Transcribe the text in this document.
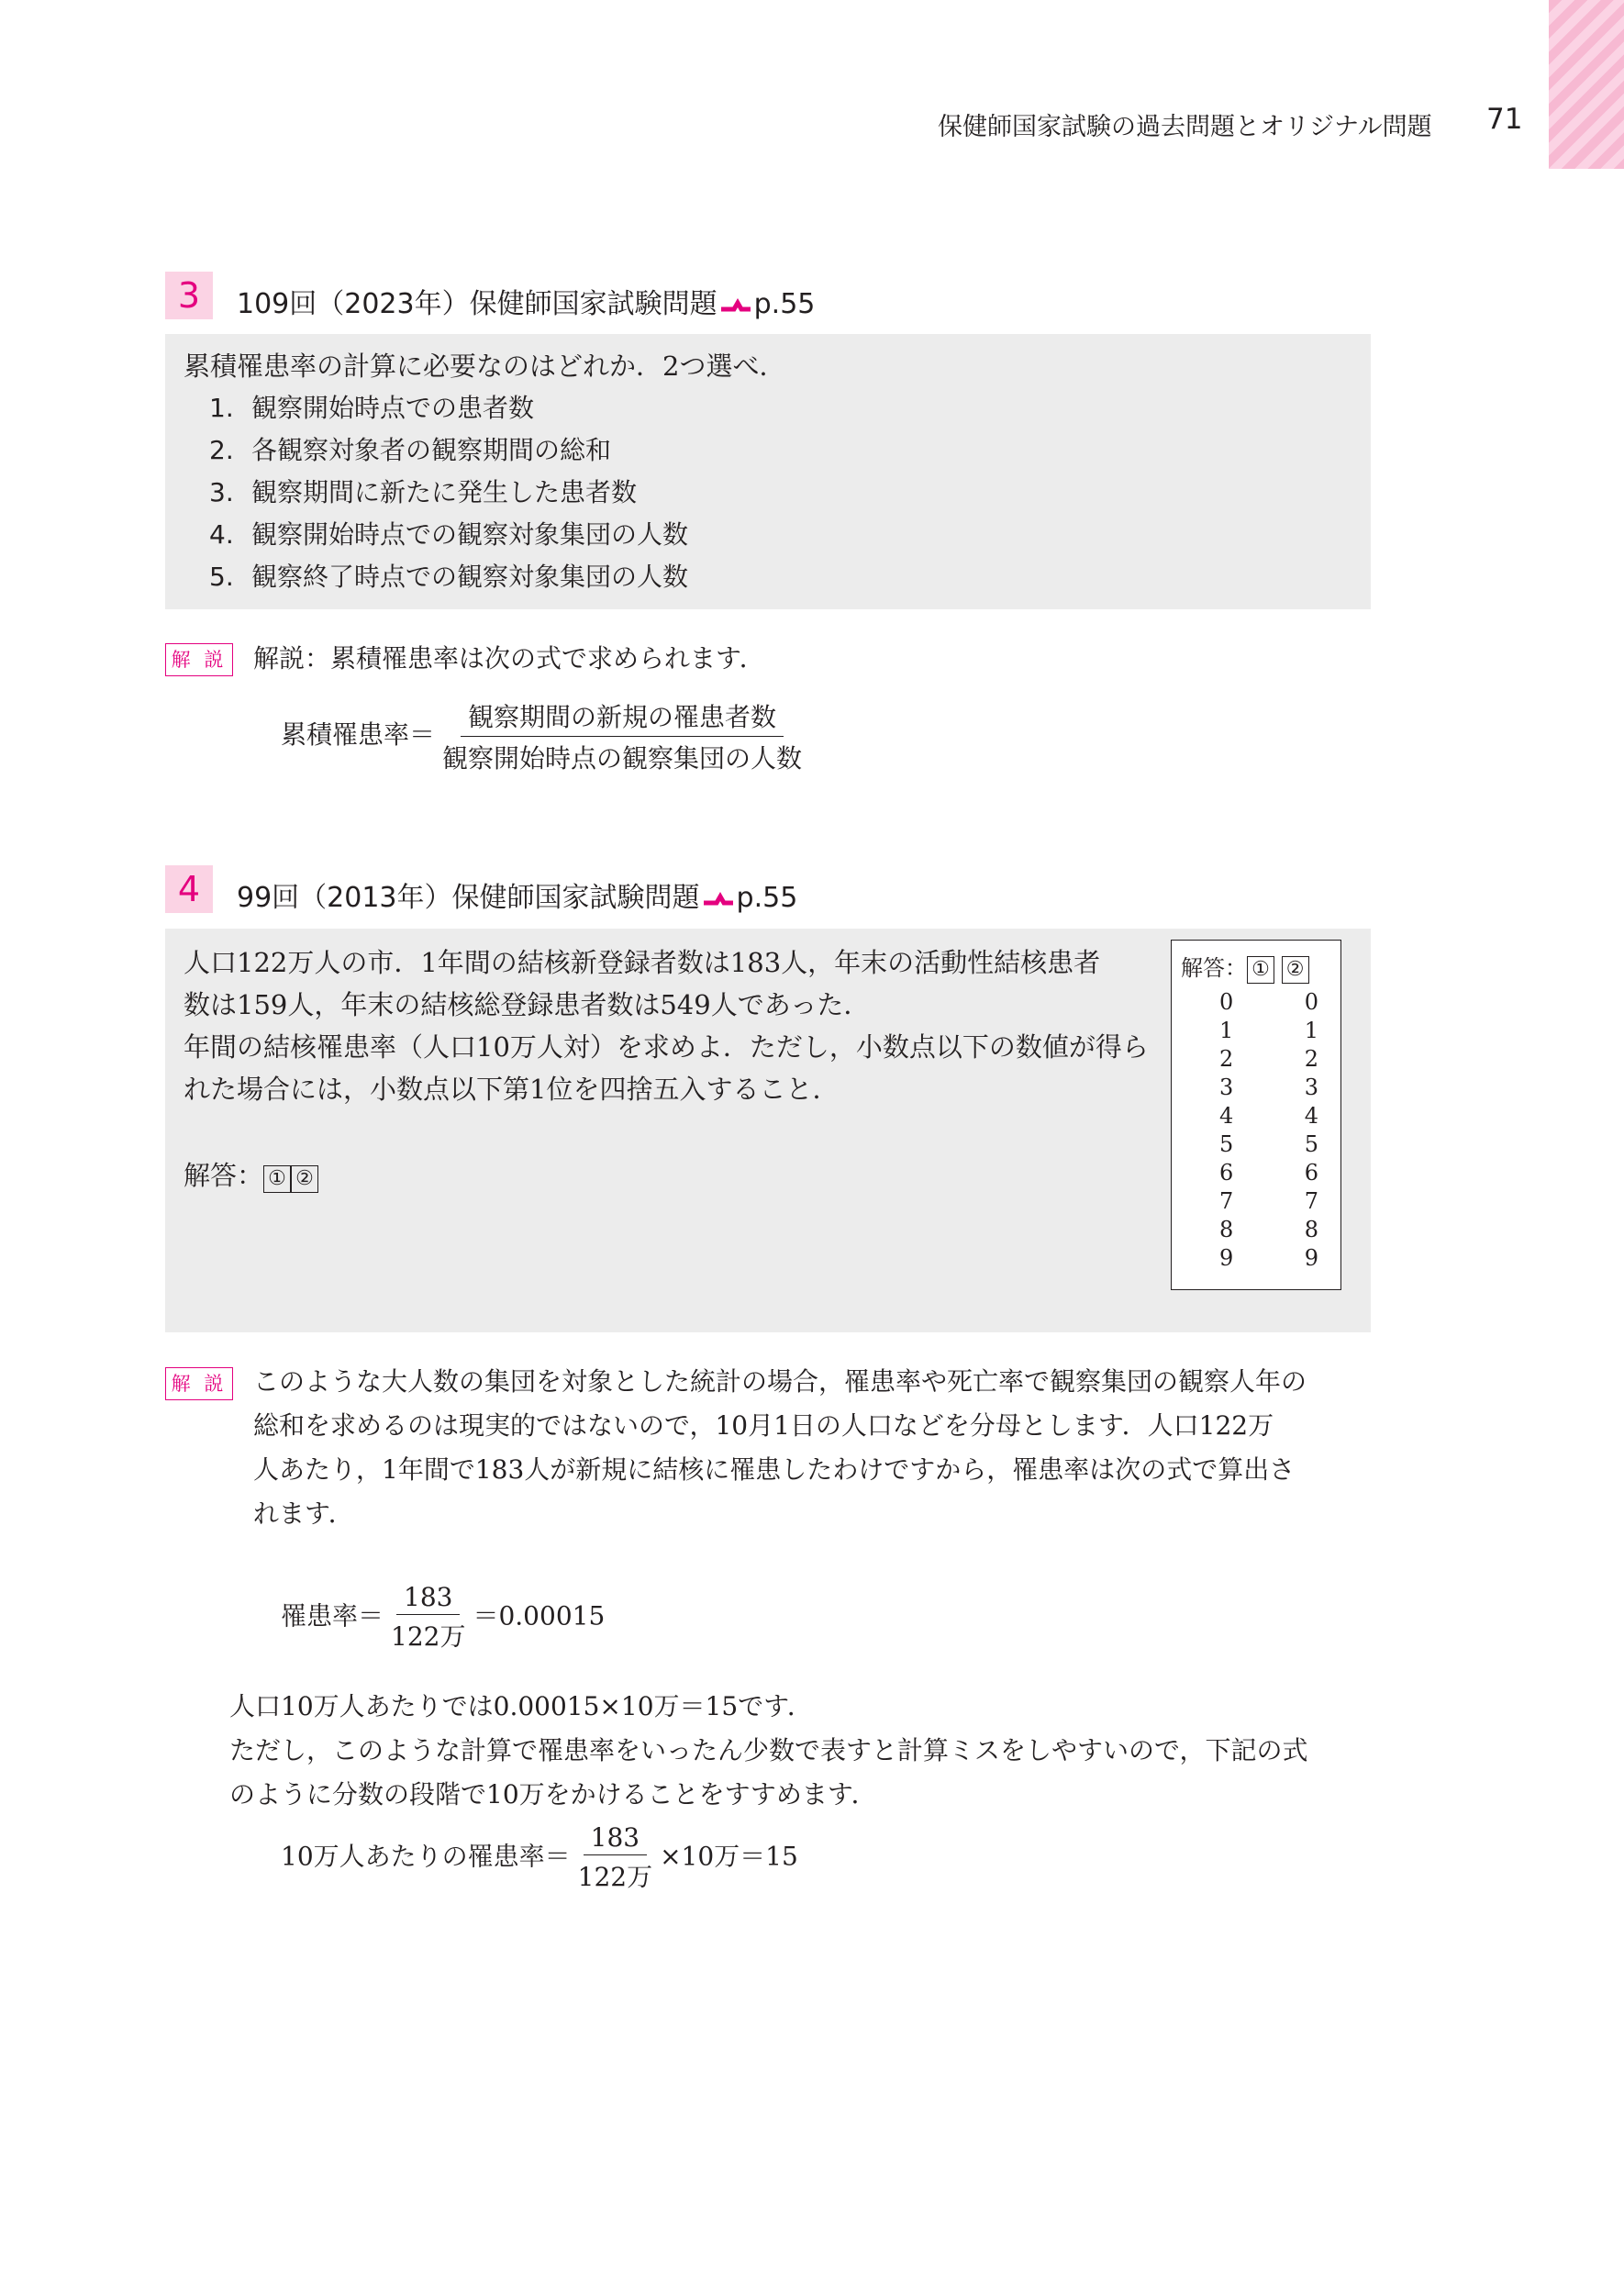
保健師国家試験の過去問題とオリジナル問題 71
3	109回（2023年）保健師国家試験問題 p.55
累積罹患率の計算に必要なのはどれか．2つ選べ．
1. 観察開始時点での患者数
2. 各観察対象者の観察期間の総和
3. 観察期間に新たに発生した患者数
4. 観察開始時点での観察対象集団の人数
5. 観察終了時点での観察対象集団の人数
解 説 解説：累積罹患率は次の式で求められます．
累積罹患率＝ $\frac{\text{観察期間の新規の罹患者数}}{\text{観察開始時点の観察集団の人数}}$
4	99回（2013年）保健師国家試験問題 p.55
人口122万人の市．1年間の結核新登録者数は183人，年末の活動性結核患者
数は159人，年末の結核総登録患者数は549人であった．
年間の結核罹患率（人口10万人対）を求めよ．ただし，小数点以下の数値が得ら
れた場合には，小数点以下第1位を四捨五入すること．
解答： ① ②
解答： ① ②
0	0
1	1
2	2
3	3
4	4
5	5
6	6
7	7
8	8
9	9
解 説 このような大人数の集団を対象とした統計の場合，罹患率や死亡率で観察集団の観察人年の
総和を求めるのは現実的ではないので，10月1日の人口などを分母とします．人口122万
人あたり，1年間で183人が新規に結核に罹患したわけですから，罹患率は次の式で算出さ
れます．
罹患率＝ $\frac{183}{\text{122万}} =0.00015$
人口10万人あたりでは0.00015×10万＝15です．
ただし，このような計算で罹患率をいったん少数で表すと計算ミスをしやすいので，下記の式
のように分数の段階で10万をかけることをすすめます．
10万人あたりの罹患率＝ $\frac{183}{\text{122万}} \times 10$万＝15
